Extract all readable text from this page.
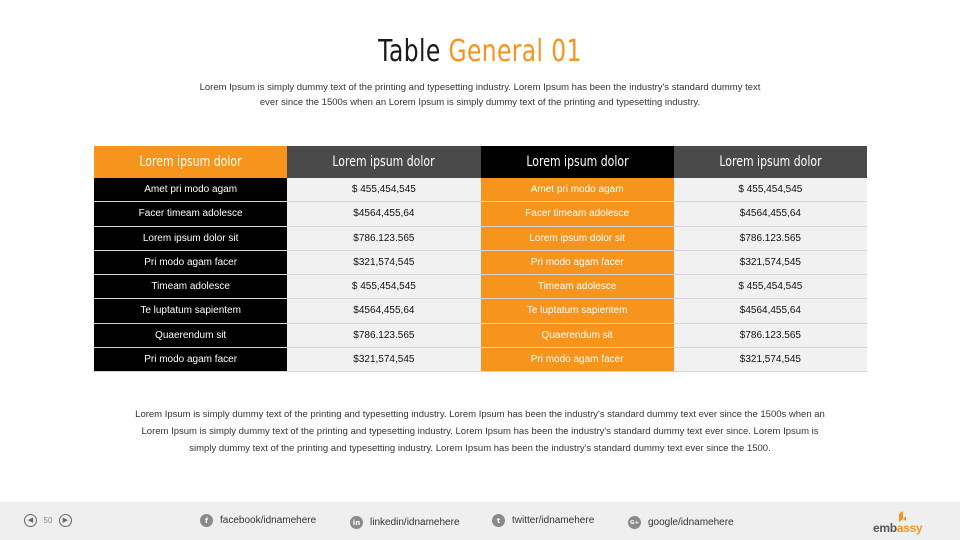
Table General 01
Lorem Ipsum is simply dummy text of the printing and typesetting industry. Lorem Ipsum has been the industry's standard dummy text
ever since the 1500s when an Lorem Ipsum is simply dummy text of the printing and typesetting industry.
Lorem ipsum dolor	Lorem ipsum dolor	Lorem ipsum dolor	Lorem ipsum dolor
Amet pri modo agam	$ 455,454,545	Amet pri modo agam	$ 455,454,545
Facer timeam adolesce	$4564,455,64	Facer timeam adolesce	$4564,455,64
Lorem ipsum dolor sit	$786.123.565	Lorem ipsum dolor sit	$786.123.565
Pri modo agam facer	$321,574,545	Pri modo agam facer	$321,574,545
Timeam adolesce	$ 455,454,545	Timeam adolesce	$ 455,454,545
Te luptatum sapientem	$4564,455,64	Te luptatum sapientem	$4564,455,64
Quaerendum sit	$786.123.565	Quaerendum sit	$786.123.565
Pri modo agam facer	$321,574,545	Pri modo agam facer	$321,574,545
Lorem Ipsum is simply dummy text of the printing and typesetting industry. Lorem Ipsum has been the industry's standard dummy text ever since the 1500s when an
Lorem Ipsum is simply dummy text of the printing and typesetting industry. Lorem Ipsum has been the industry's standard dummy text ever since. Lorem Ipsum is
simply dummy text of the printing and typesetting industry. Lorem Ipsum has been the industry's standard dummy text ever since the 1500.
◀	50	▶	f	facebook/idnamehere	in linkedin/idnamehere	t	twitter/idnamehere	G+ google/idnamehere	embassy
